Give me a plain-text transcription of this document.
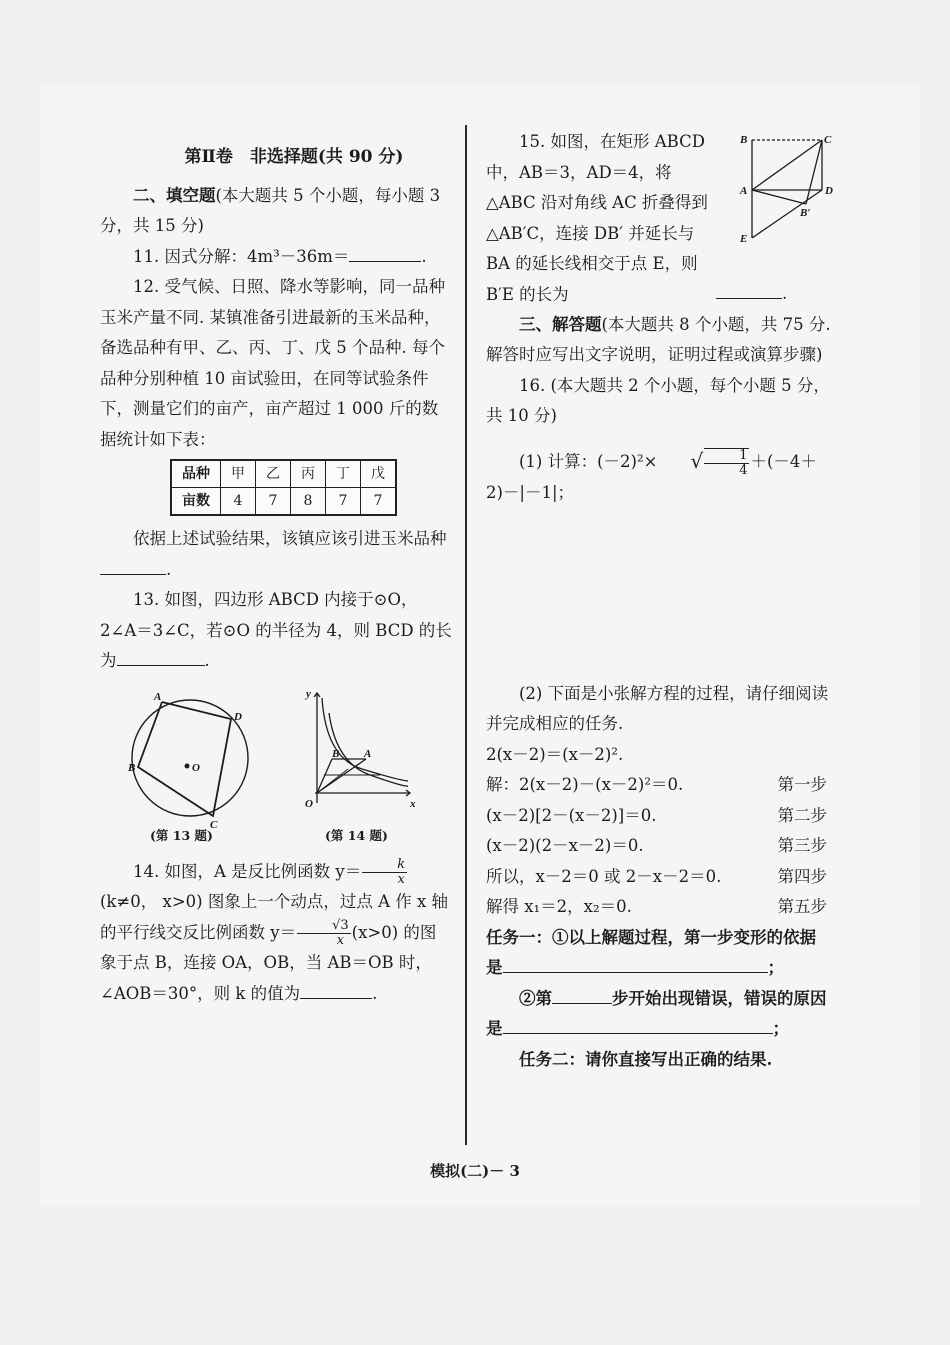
第Ⅱ卷　非选择题(共 90 分)

二、填空题(本大题共 5 个小题，每小题 3 分，共 15 分)

11. 因式分解：4m³－36m＝	.

12. 受气候、日照、降水等影响，同一品种玉米产量不同. 某镇准备引进最新的玉米品种，备选品种有甲、乙、丙、丁、戊 5 个品种. 每个品种分别种植 10 亩试验田，在同等试验条件下，测量它们的亩产，亩产超过 1 000 斤的数据统计如下表：

品种	甲	乙	丙	丁	戊
亩数	4	7	8	7	7

依据上述试验结果，该镇应该引进玉米品种.

13. 如图，四边形 ABCD 内接于⊙O，2∠A＝3∠C，若⊙O 的半径为 4，则 BCD 的长为	.

A
B
C
D
O
y
x
O
A
B
(第 13 题)	(第 14 题)

14. 如图，A 是反比例函数 $y= \frac{k}{x}$
(k≠0， x>0) 图象上一个动点，过点 A 作 x 轴的平行线交反比例函数 $y= \frac{√3}{x} (x>0)$ 的图象于点 B，连接 OA，OB，当 AB＝OB 时，∠AOB＝30°，则 k 的值为	.

B	C
A	D
B′
E

15. 如图，在矩形 ABCD 中，AB＝3，AD＝4，将△ABC 沿对角线 AC 折叠得到△AB′C，连接 DB′ 并延长与 BA 的延长线相交于点 E，则 B′E 的长为	.

三、解答题(本大题共 8 个小题，共 75 分. 解答时应写出文字说明，证明过程或演算步骤)

16. (本大题共 2 个小题，每个小题 5 分，共 10 分)

(1) 计算：(－2)²× √ $\frac{1}{4} +(-4+2)-|-1|$；

(2) 下面是小张解方程的过程，请仔细阅读并完成相应的任务.

2(x－2)＝(x－2)².

解：2(x－2)－(x－2)²＝0.	第一步
(x－2)[2－(x－2)]＝0.	第二步
(x－2)(2－x－2)＝0.	第三步
所以，x－2＝0 或 2－x－2＝0.	第四步
解得 x₁＝2，x₂＝0.	第五步

任务一：①以上解题过程，第一步变形的依据是	；

②第	步开始出现错误，错误的原因是	；

任务二：请你直接写出正确的结果.

模拟(二)－ 3
